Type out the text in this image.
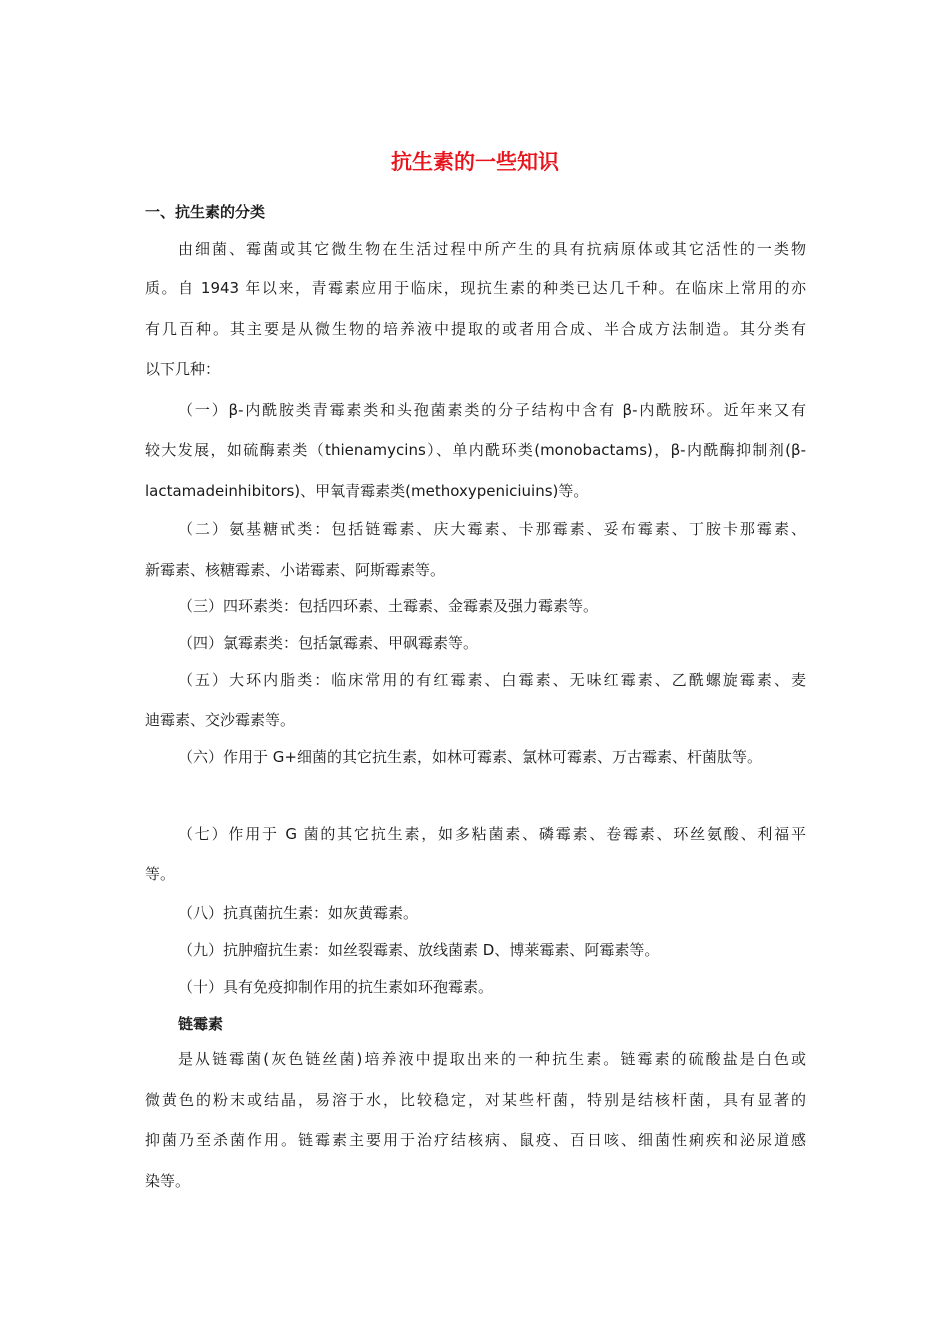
抗生素的一些知识
一、抗生素的分类
由细菌、霉菌或其它微生物在生活过程中所产生的具有抗病原体或其它活性的一类物
质。自 1943 年以来，青霉素应用于临床，现抗生素的种类已达几千种。在临床上常用的亦
有几百种。其主要是从微生物的培养液中提取的或者用合成、半合成方法制造。其分类有
以下几种：
（一）β-内酰胺类青霉素类和头孢菌素类的分子结构中含有 β-内酰胺环。近年来又有
较大发展，如硫酶素类（thienamycins）、单内酰环类(monobactams)，β-内酰酶抑制剂(β-
lactamadeinhibitors)、甲氧青霉素类(methoxypeniciuins)等。
（二）氨基糖甙类：包括链霉素、庆大霉素、卡那霉素、妥布霉素、丁胺卡那霉素、
新霉素、核糖霉素、小诺霉素、阿斯霉素等。
（三）四环素类：包括四环素、土霉素、金霉素及强力霉素等。
（四）氯霉素类：包括氯霉素、甲砜霉素等。
（五）大环内脂类：临床常用的有红霉素、白霉素、无味红霉素、乙酰螺旋霉素、麦
迪霉素、交沙霉素等。
（六）作用于 G+细菌的其它抗生素，如林可霉素、氯林可霉素、万古霉素、杆菌肽等。
（七）作用于 G 菌的其它抗生素，如多粘菌素、磷霉素、卷霉素、环丝氨酸、利福平
等。
（八）抗真菌抗生素：如灰黄霉素。
（九）抗肿瘤抗生素：如丝裂霉素、放线菌素 D、博莱霉素、阿霉素等。
（十）具有免疫抑制作用的抗生素如环孢霉素。
链霉素
是从链霉菌(灰色链丝菌)培养液中提取出来的一种抗生素。链霉素的硫酸盐是白色或
微黄色的粉末或结晶，易溶于水，比较稳定，对某些杆菌，特别是结核杆菌，具有显著的
抑菌乃至杀菌作用。链霉素主要用于治疗结核病、鼠疫、百日咳、细菌性痢疾和泌尿道感
染等。
